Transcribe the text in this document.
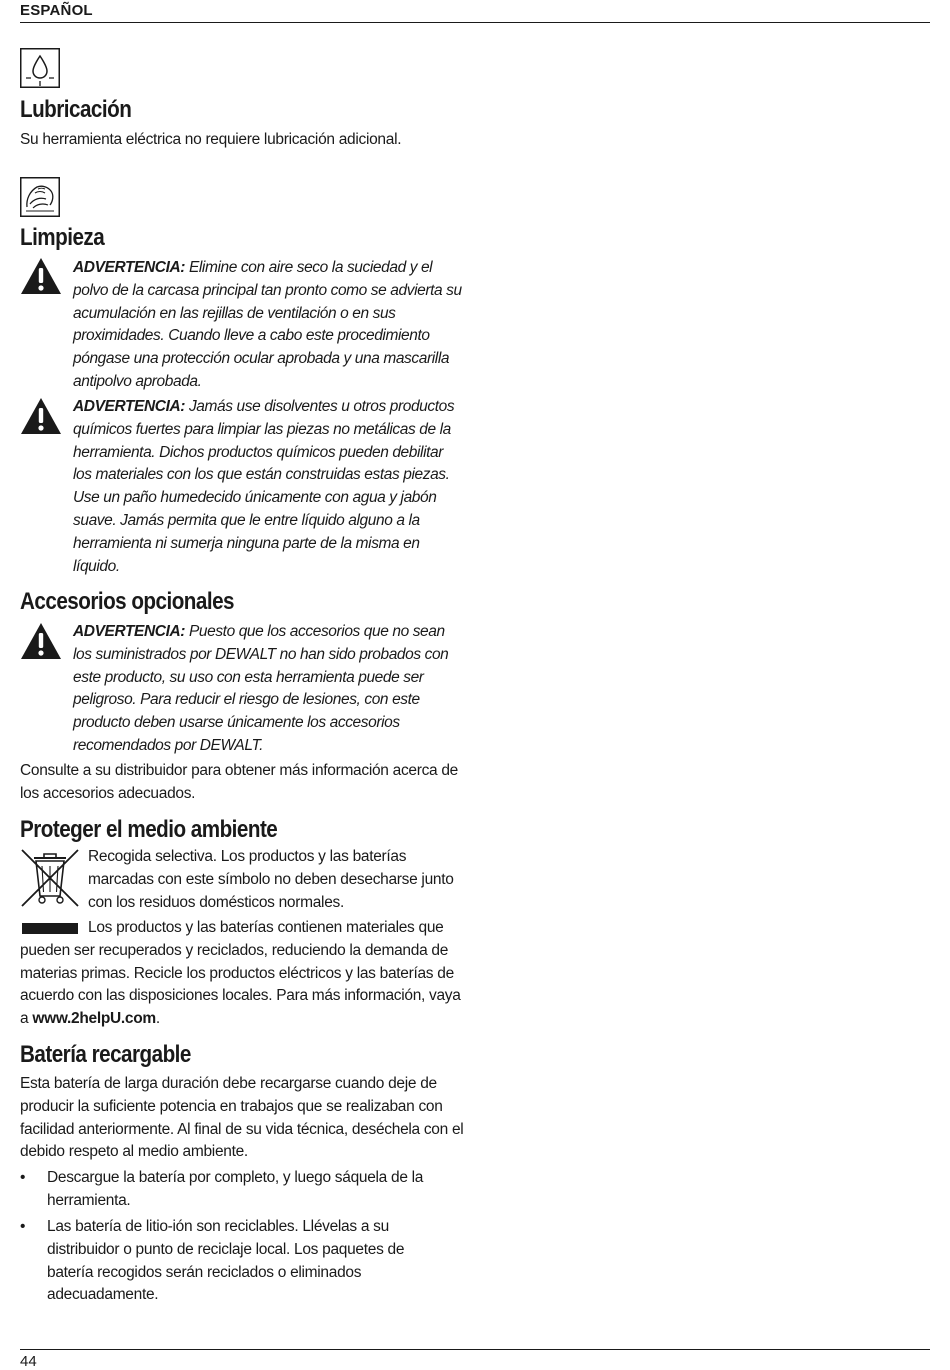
ESPAÑOL
Lubricación
Su herramienta eléctrica no requiere lubricación adicional.
Limpieza
ADVERTENCIA: Elimine con aire seco la suciedad y el polvo de la carcasa principal tan pronto como se advierta su acumulación en las rejillas de ventilación o en sus proximidades. Cuando lleve a cabo este procedimiento póngase una protección ocular aprobada y una mascarilla antipolvo aprobada.
ADVERTENCIA: Jamás use disolventes u otros productos químicos fuertes para limpiar las piezas no metálicas de la herramienta. Dichos productos químicos pueden debilitar los materiales con los que están construidas estas piezas. Use un paño humedecido únicamente con agua y jabón suave. Jamás permita que le entre líquido alguno a la herramienta ni sumerja ninguna parte de la misma en líquido.
Accesorios opcionales
ADVERTENCIA: Puesto que los accesorios que no sean los suministrados por DEWALT no han sido probados con este producto, su uso con esta herramienta puede ser peligroso. Para reducir el riesgo de lesiones, con este producto deben usarse únicamente los accesorios recomendados por DEWALT.
Consulte a su distribuidor para obtener más información acerca de los accesorios adecuados.
Proteger el medio ambiente
Recogida selectiva. Los productos y las baterías marcadas con este símbolo no deben desecharse junto con los residuos domésticos normales.
Los productos y las baterías contienen materiales que pueden ser recuperados y reciclados, reduciendo la demanda de materias primas. Recicle los productos eléctricos y las baterías de acuerdo con las disposiciones locales. Para más información, vaya a www.2helpU.com.
Batería recargable
Esta batería de larga duración debe recargarse cuando deje de producir la suficiente potencia en trabajos que se realizaban con facilidad anteriormente. Al final de su vida técnica, deséchela con el debido respeto al medio ambiente.
• Descargue la batería por completo, y luego sáquela de la herramienta.
• Las batería de litio-ión son reciclables. Llévelas a su distribuidor o punto de reciclaje local. Los paquetes de batería recogidos serán reciclados o eliminados adecuadamente.
44
